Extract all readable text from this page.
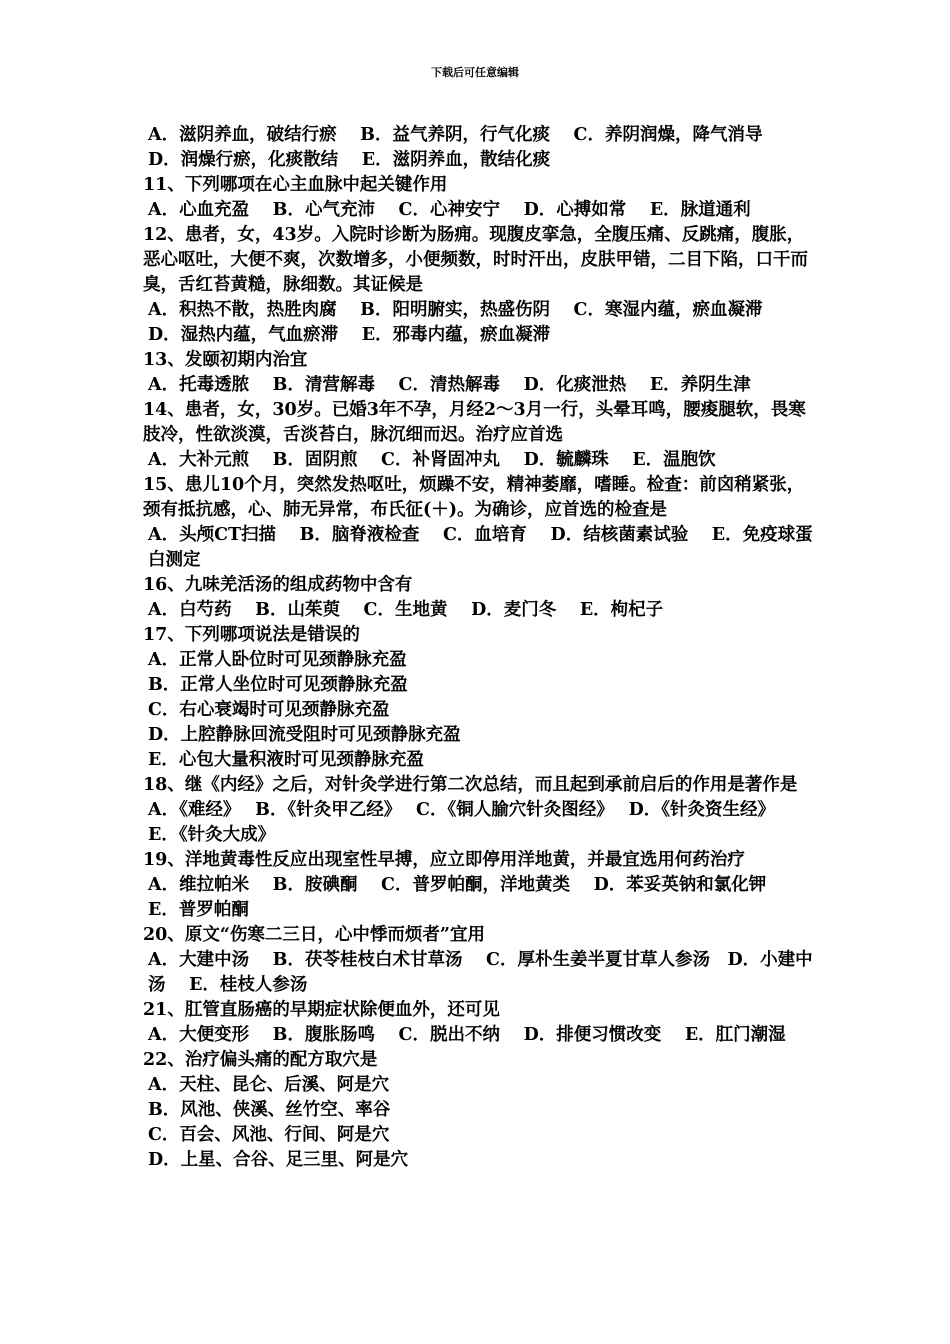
下载后可任意编辑

A．滋阴养血，破结行瘀　 B．益气养阴，行气化痰　 C．养阴润燥，降气消导　 D．润燥行瘀，化痰散结　 E．滋阴养血，散结化痰

11、下列哪项在心主血脉中起关键作用

A．心血充盈　 B．心气充沛　 C．心神安宁　 D．心搏如常　 E．脉道通利

12、患者，女，43岁。入院时诊断为肠痈。现腹皮挛急，全腹压痛、反跳痛，腹胀，恶心呕吐，大便不爽，次数增多，小便频数，时时汗出，皮肤甲错，二目下陷，口干而臭，舌红苔黄糙，脉细数。其证候是

A．积热不散，热胜肉腐　 B．阳明腑实，热盛伤阴　 C．寒湿内蕴，瘀血凝滞　 D．湿热内蕴，气血瘀滞　 E．邪毒内蕴，瘀血凝滞

13、发颐初期内治宜

A．托毒透脓　 B．清营解毒　 C．清热解毒　 D．化痰泄热　 E．养阴生津

14、患者，女，30岁。已婚3年不孕，月经2～3月一行，头晕耳鸣，腰痠腿软，畏寒肢冷，性欲淡漠，舌淡苔白，脉沉细而迟。治疗应首选

A．大补元煎　 B．固阴煎　 C．补肾固冲丸　 D．毓麟珠　 E．温胞饮

15、患儿10个月，突然发热呕吐，烦躁不安，精神萎靡，嗜睡。检查：前囟稍紧张，颈有抵抗感，心、肺无异常，布氏征(＋)。为确诊，应首选的检查是

A．头颅CT扫描　 B．脑脊液检查　 C．血培育　 D．结核菌素试验　 E．免疫球蛋白测定

16、九味羌活汤的组成药物中含有

A．白芍药　 B．山茱萸　 C．生地黄　 D．麦门冬　 E．枸杞子

17、下列哪项说法是错误的

A．正常人卧位时可见颈静脉充盈

B．正常人坐位时可见颈静脉充盈

C．右心衰竭时可见颈静脉充盈

D．上腔静脉回流受阻时可见颈静脉充盈

E．心包大量积液时可见颈静脉充盈

18、继《内经》之后，对针灸学进行第二次总结，而且起到承前启后的作用是著作是

A．《难经》　 B．《针灸甲乙经》　 C．《铜人腧穴针灸图经》　 D．《针灸资生经》　 E．《针灸大成》

19、洋地黄毒性反应出现室性早搏，应立即停用洋地黄，并最宜选用何药治疗

A．维拉帕米　 B．胺碘酮　 C．普罗帕酮，洋地黄类　 D．苯妥英钠和氯化钾　 E．普罗帕酮

20、原文“伤寒二三日，心中悸而烦者”宜用

A．大建中汤　 B．茯苓桂枝白术甘草汤　 C．厚朴生姜半夏甘草人参汤　D．小建中汤　 E．桂枝人参汤

21、肛管直肠癌的早期症状除便血外，还可见

A．大便变形　 B．腹胀肠鸣　 C．脱出不纳　 D．排便习惯改变　 E．肛门潮湿

22、治疗偏头痛的配方取穴是

A．天柱、昆仑、后溪、阿是穴

B．风池、侠溪、丝竹空、率谷

C．百会、风池、行间、阿是穴

D．上星、合谷、足三里、阿是穴
